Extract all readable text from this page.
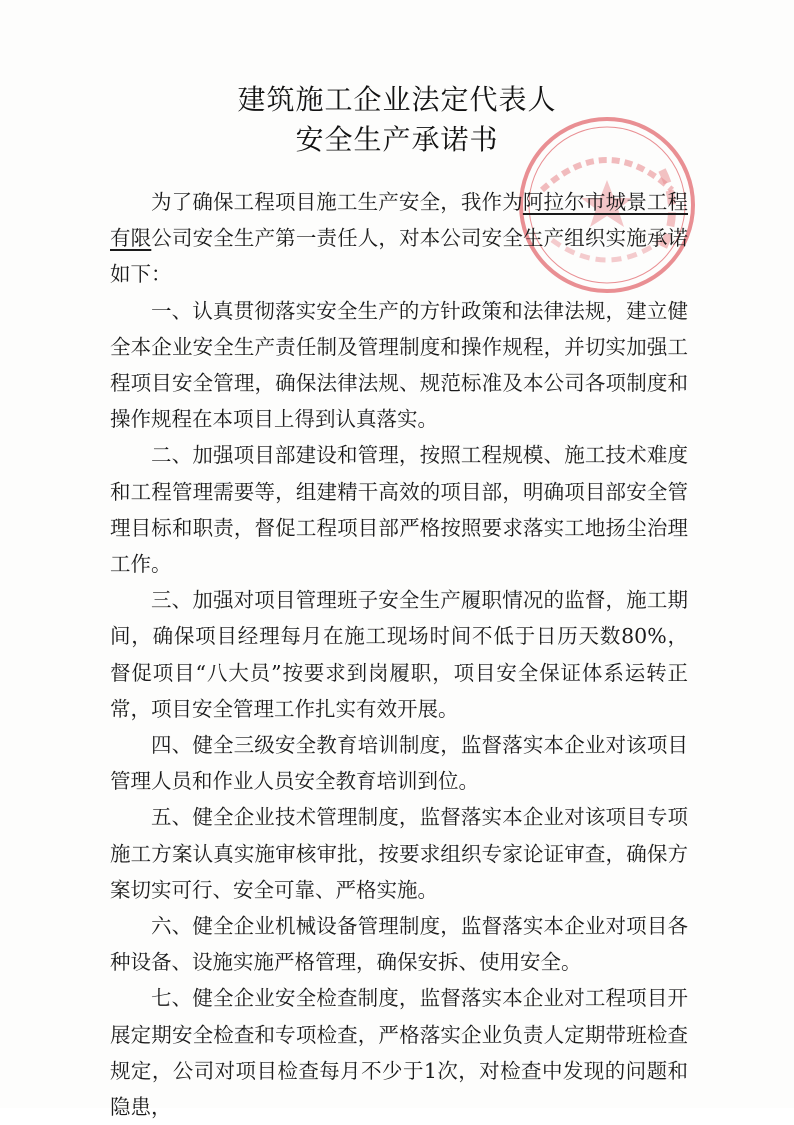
建筑施工企业法定代表人
安全生产承诺书

为了确保工程项目施工生产安全，我作为阿拉尔市城景工程有限公司安全生产第一责任人，对本公司安全生产组织实施承诺如下：

一、认真贯彻落实安全生产的方针政策和法律法规，建立健全本企业安全生产责任制及管理制度和操作规程，并切实加强工程项目安全管理，确保法律法规、规范标准及本公司各项制度和操作规程在本项目上得到认真落实。

二、加强项目部建设和管理，按照工程规模、施工技术难度和工程管理需要等，组建精干高效的项目部，明确项目部安全管理目标和职责，督促工程项目部严格按照要求落实工地扬尘治理工作。

三、加强对项目管理班子安全生产履职情况的监督，施工期间，确保项目经理每月在施工现场时间不低于日历天数80%，督促项目“八大员”按要求到岗履职，项目安全保证体系运转正常，项目安全管理工作扎实有效开展。

四、健全三级安全教育培训制度，监督落实本企业对该项目管理人员和作业人员安全教育培训到位。

五、健全企业技术管理制度，监督落实本企业对该项目专项施工方案认真实施审核审批，按要求组织专家论证审查，确保方案切实可行、安全可靠、严格实施。

六、健全企业机械设备管理制度，监督落实本企业对项目各种设备、设施实施严格管理，确保安拆、使用安全。

七、健全企业安全检查制度，监督落实本企业对工程项目开展定期安全检查和专项检查，严格落实企业负责人定期带班检查规定，公司对项目检查每月不少于1次，对检查中发现的问题和隐患，
